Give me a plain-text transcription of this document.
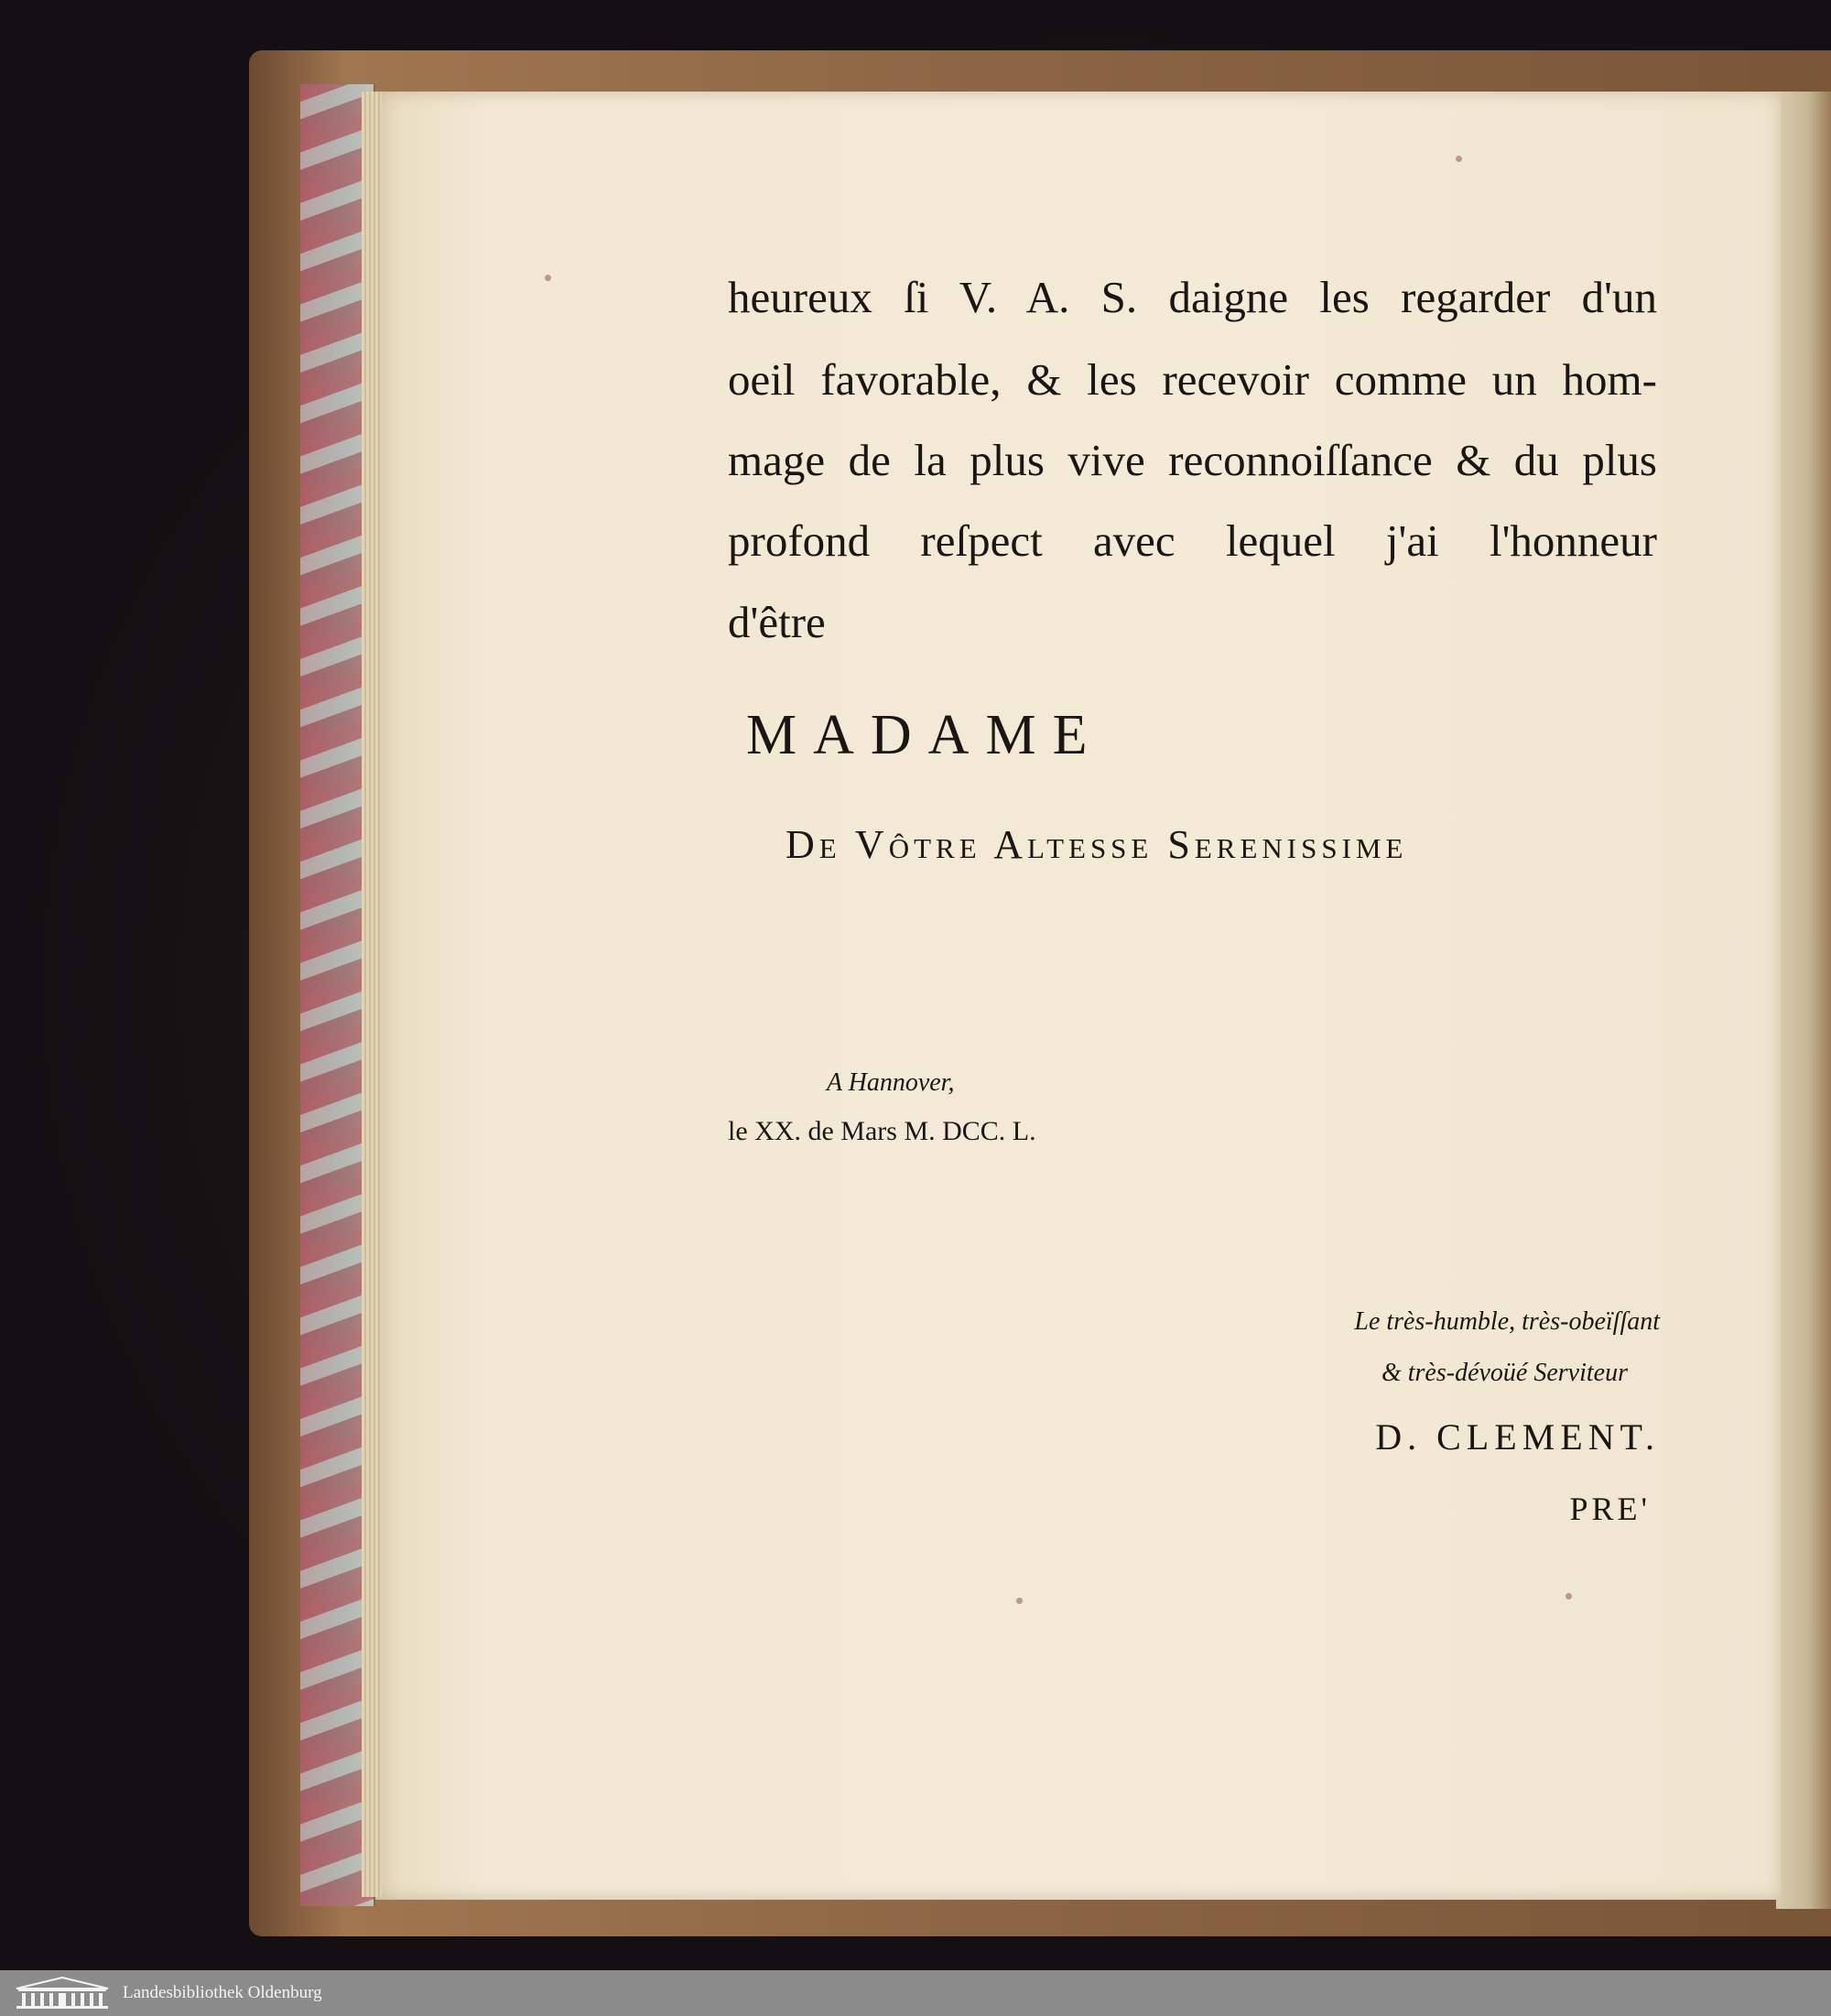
heureux ſi V. A. S. daigne les regarder d'un
oeil favorable, & les recevoir comme un hom-
mage de la plus vive reconnoiſſance & du plus
profond reſpect avec lequel j'ai l'honneur
d'être
MADAME
De Vôtre Altesse Serenissime
A Hannover,
le XX. de Mars M. DCC. L.
Le très-humble, très-obeïſſant
& très-dévoüé Serviteur
D. CLEMENT.
PRE'
Landesbibliothek Oldenburg
